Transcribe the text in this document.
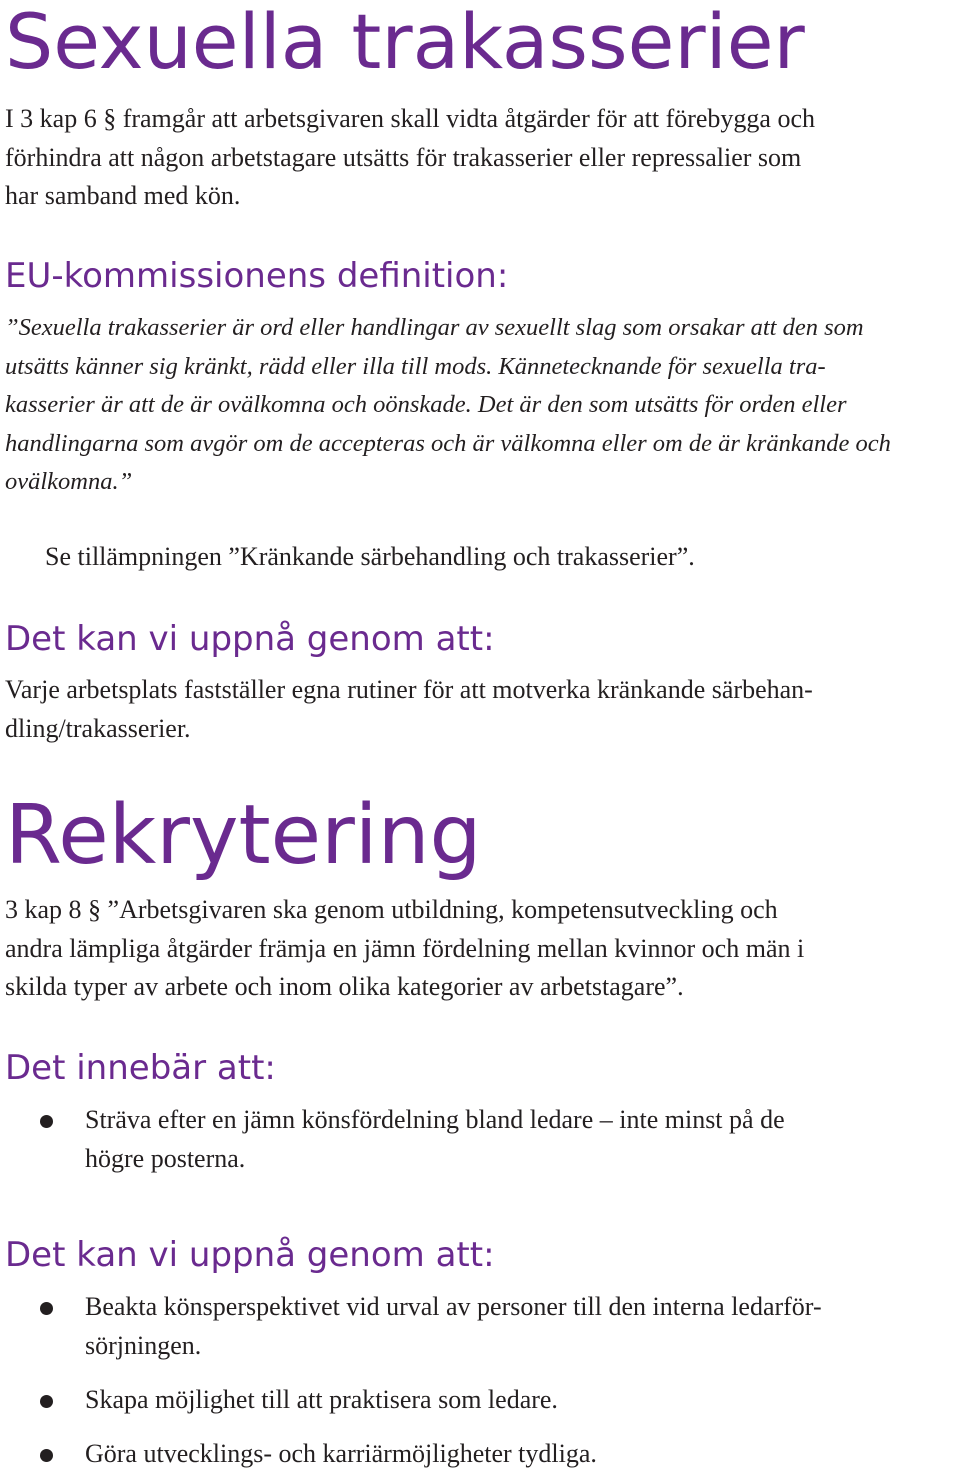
Sexuella trakasserier

I 3 kap 6 § framgår att arbetsgivaren skall vidta åtgärder för att förebygga och
förhindra att någon arbetstagare utsätts för trakasserier eller repressalier som
har samband med kön.

EU-kommissionens definition:

”Sexuella trakasserier är ord eller handlingar av sexuellt slag som orsakar att den som
utsätts känner sig kränkt, rädd eller illa till mods. Kännetecknande för sexuella tra-
kasserier är att de är ovälkomna och oönskade. Det är den som utsätts för orden eller
handlingarna som avgör om de accepteras och är välkomna eller om de är kränkande och
ovälkomna.”

Se tillämpningen ”Kränkande särbehandling och trakasserier”.

Det kan vi uppnå genom att:

Varje arbetsplats fastställer egna rutiner för att motverka kränkande särbehan-
dling/trakasserier.

Rekrytering

3 kap 8 § ”Arbetsgivaren ska genom utbildning, kompetensutveckling och
andra lämpliga åtgärder främja en jämn fördelning mellan kvinnor och män i
skilda typer av arbete och inom olika kategorier av arbetstagare”.

Det innebär att:
Sträva efter en jämn könsfördelning bland ledare – inte minst på de
högre posterna.
Det kan vi uppnå genom att:
Beakta könsperspektivet vid urval av personer till den interna ledarför-
sörjningen.
Skapa möjlighet till att praktisera som ledare.
Göra utvecklings- och karriärmöjligheter tydliga.
